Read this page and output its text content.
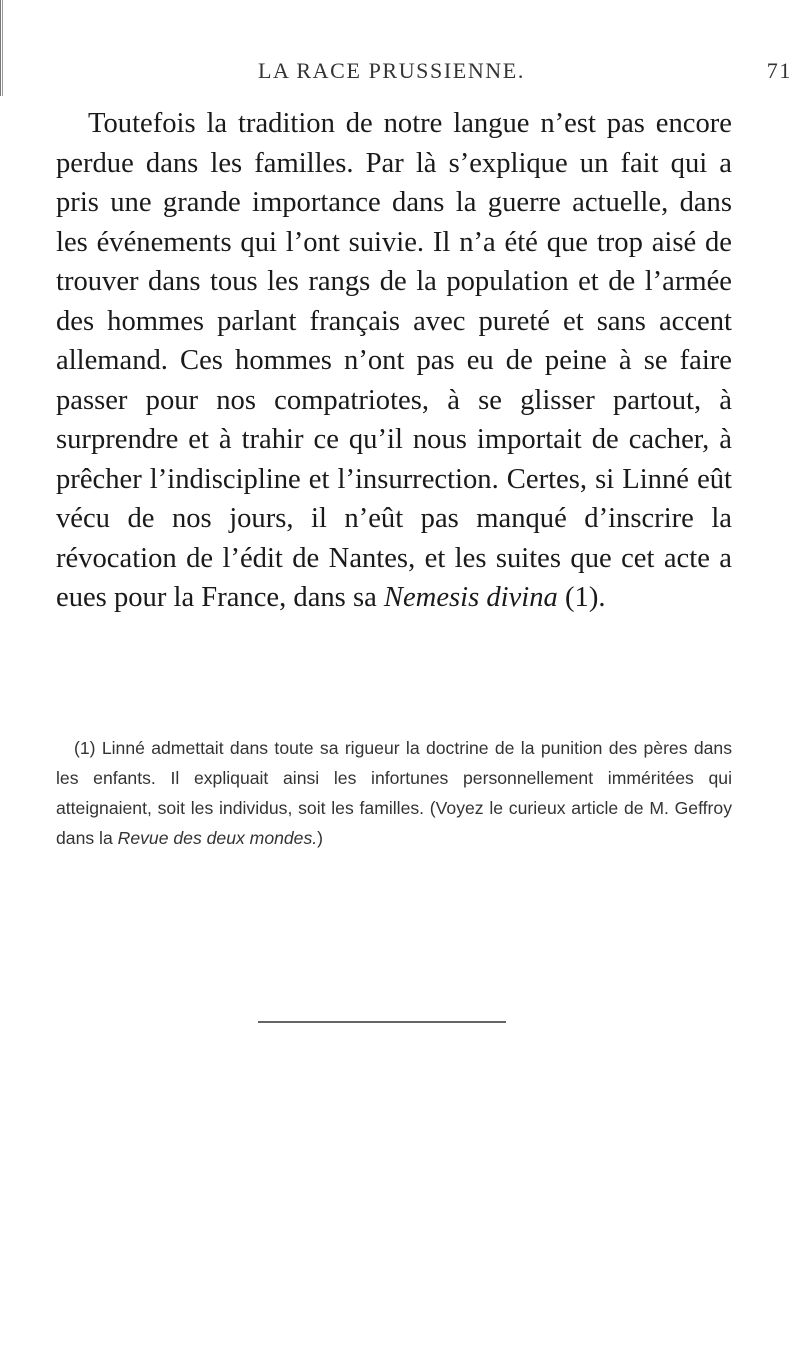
LA RACE PRUSSIENNE.	71

Toutefois la tradition de notre langue n’est pas encore perdue dans les familles. Par là s’explique un fait qui a pris une grande importance dans la guerre actuelle, dans les événements qui l’ont suivie. Il n’a été que trop aisé de trouver dans tous les rangs de la population et de l’armée des hommes parlant français avec pureté et sans accent allemand. Ces hommes n’ont pas eu de peine à se faire passer pour nos compatriotes, à se glisser partout, à surprendre et à trahir ce qu’il nous importait de cacher, à prêcher l’indiscipline et l’insurrection. Certes, si Linné eût vécu de nos jours, il n’eût pas manqué d’inscrire la révocation de l’édit de Nantes, et les suites que cet acte a eues pour la France, dans sa Nemesis divina (1).

(1) Linné admettait dans toute sa rigueur la doctrine de la punition des pères dans les enfants. Il expliquait ainsi les infortunes personnellement imméritées qui atteignaient, soit les individus, soit les familles. (Voyez le curieux article de M. Geffroy dans la Revue des deux mondes.)
